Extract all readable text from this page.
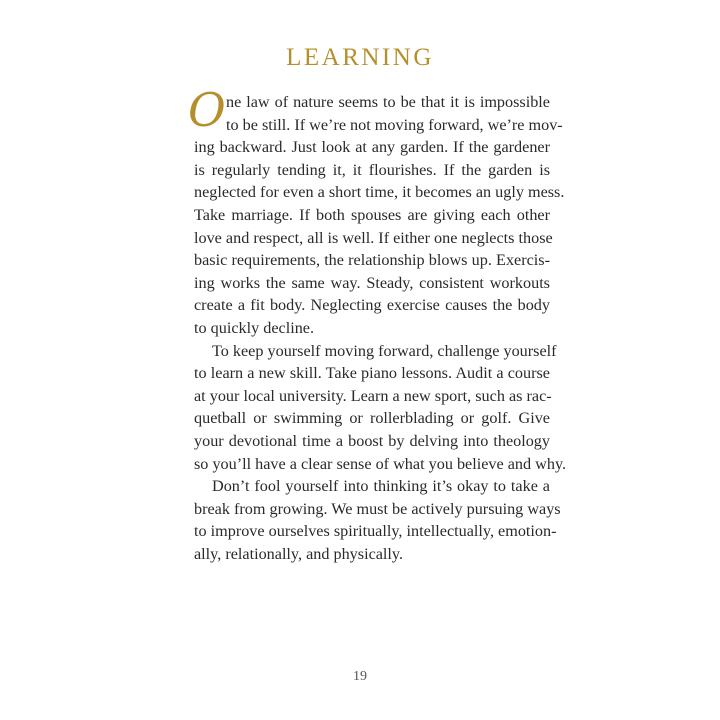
LEARNING
O ne law of nature seems to be that it is impossible
to be still. If we’re not moving forward, we’re mov-
ing backward. Just look at any garden. If the gardener
is regularly tending it, it flourishes. If the garden is
neglected for even a short time, it becomes an ugly mess.
Take marriage. If both spouses are giving each other
love and respect, all is well. If either one neglects those
basic requirements, the relationship blows up. Exercis-
ing works the same way. Steady, consistent workouts
create a fit body. Neglecting exercise causes the body
to quickly decline.
To keep yourself moving forward, challenge yourself
to learn a new skill. Take piano lessons. Audit a course
at your local university. Learn a new sport, such as rac-
quetball or swimming or rollerblading or golf. Give
your devotional time a boost by delving into theology
so you’ll have a clear sense of what you believe and why.
Don’t fool yourself into thinking it’s okay to take a
break from growing. We must be actively pursuing ways
to improve ourselves spiritually, intellectually, emotion-
ally, relationally, and physically.
19
